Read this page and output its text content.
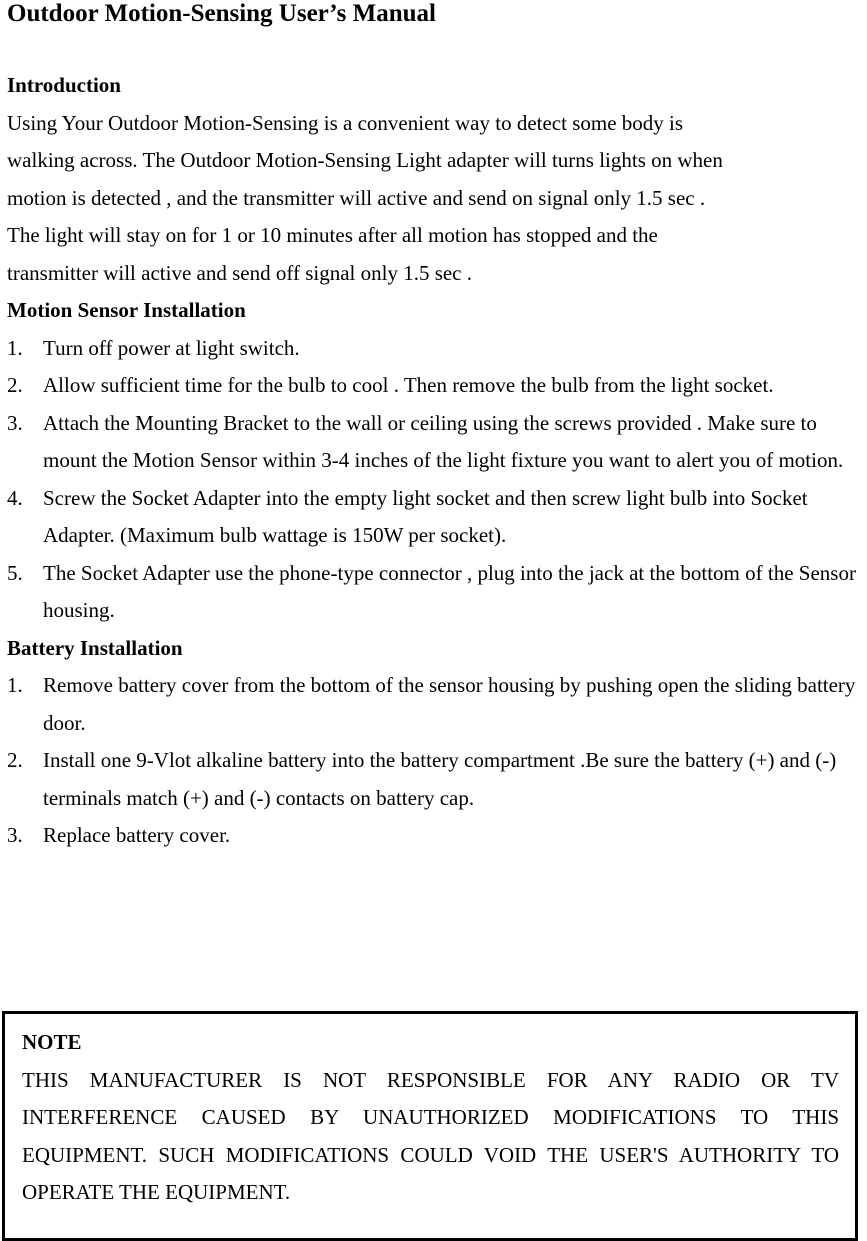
Outdoor Motion-Sensing User’s Manual

Introduction

Using Your Outdoor Motion-Sensing is a convenient way to detect some body is
walking across. The Outdoor Motion-Sensing Light adapter will turns lights on when
motion is detected , and the transmitter will active and send on signal only 1.5 sec .
The light will stay on for 1 or 10 minutes after all motion has stopped and the
transmitter will active and send off signal only 1.5 sec .

Motion Sensor Installation

1. Turn off power at light switch.
2. Allow sufficient time for the bulb to cool . Then remove the bulb from the light socket.
3. Attach the Mounting Bracket to the wall or ceiling using the screws provided . Make sure to mount the Motion Sensor within 3-4 inches of the light fixture you want to alert you of motion.
4. Screw the Socket Adapter into the empty light socket and then screw light bulb into Socket Adapter. (Maximum bulb wattage is 150W per socket).
5. The Socket Adapter use the phone-type connector , plug into the jack at the bottom of the Sensor housing.

Battery Installation

1. Remove battery cover from the bottom of the sensor housing by pushing open the sliding battery door.
2. Install one 9-Vlot alkaline battery into the battery compartment .Be sure the battery (+) and (-) terminals match (+) and (-) contacts on battery cap.
3. Replace battery cover.
NOTE
THIS MANUFACTURER IS NOT RESPONSIBLE FOR ANY RADIO OR TV INTERFERENCE CAUSED BY UNAUTHORIZED MODIFICATIONS TO THIS EQUIPMENT. SUCH MODIFICATIONS COULD VOID THE USER'S AUTHORITY TO OPERATE THE EQUIPMENT.
